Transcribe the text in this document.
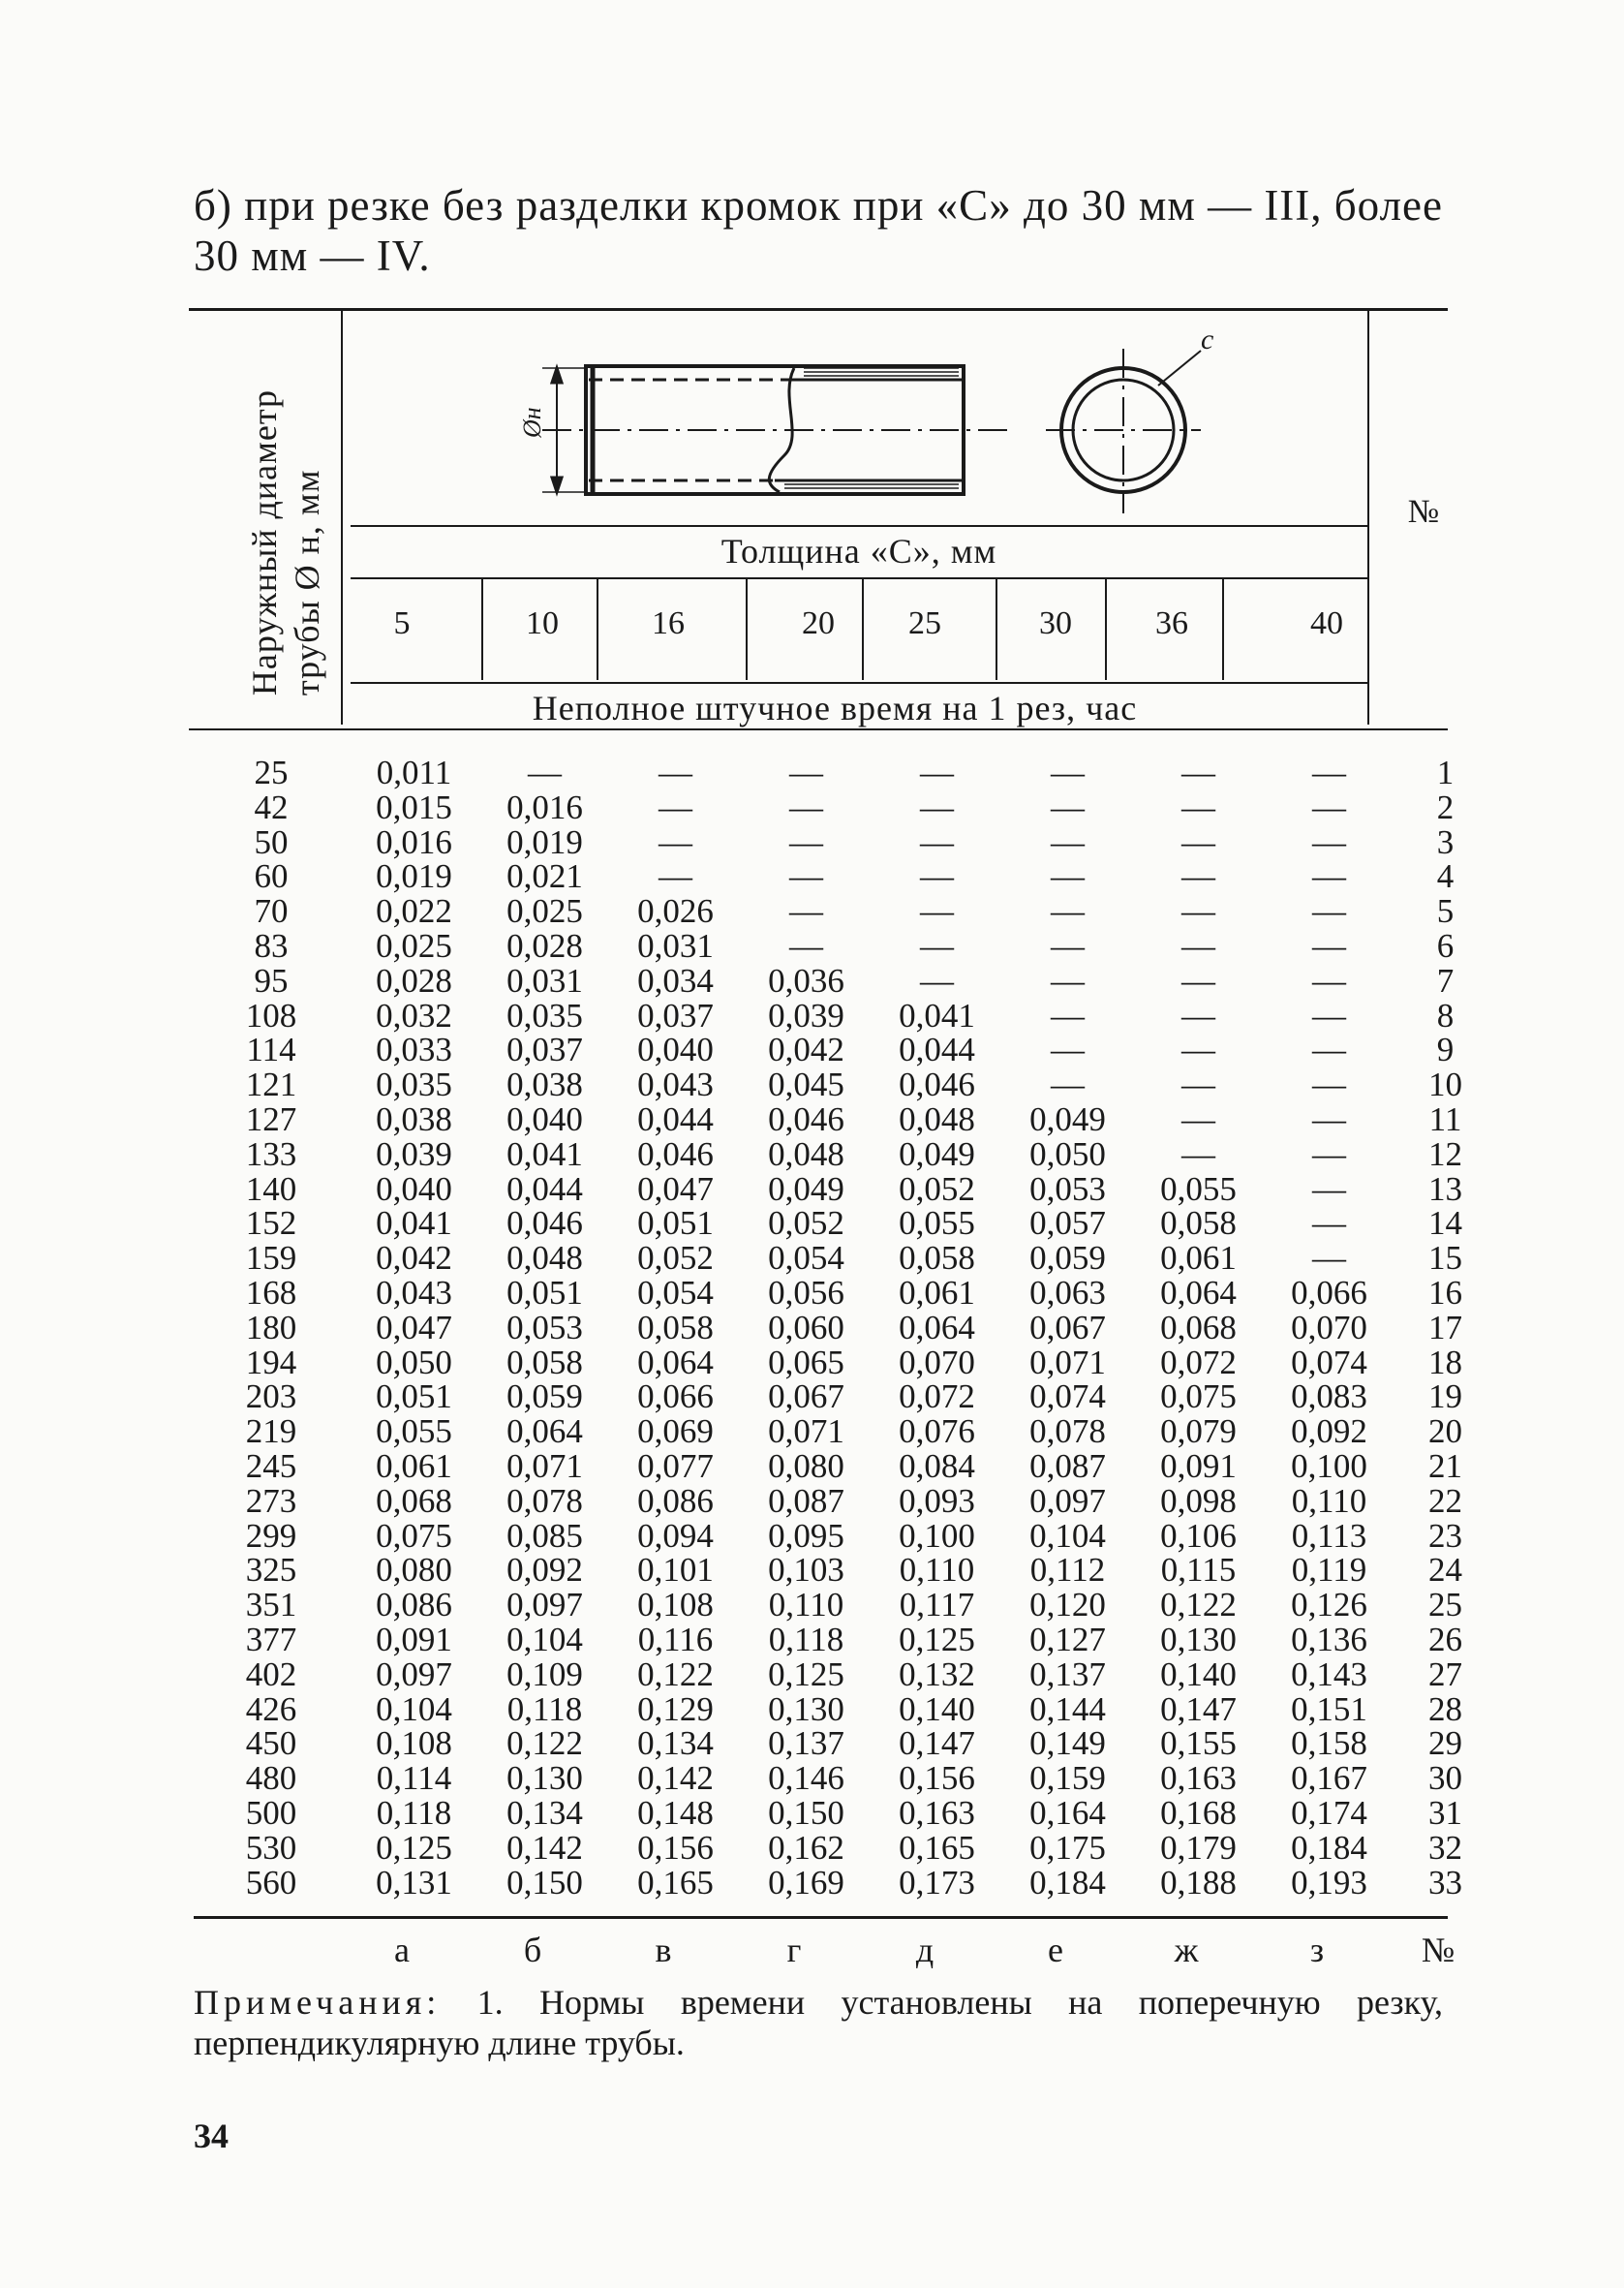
б) при резке без разделки кромок при «С» до 30 мм — III, более 30 мм — IV.
Наружный диаметр трубы Ø н, мм
Øн
с
№
Толщина «С», мм
5	10	16	20	25	30	36	40
Неполное штучное время на 1 рез, час
25	0,011	—	—	—	—	—	—	—	1
42	0,015	0,016	—	—	—	—	—	—	2
50	0,016	0,019	—	—	—	—	—	—	3
60	0,019	0,021	—	—	—	—	—	—	4
70	0,022	0,025	0,026	—	—	—	—	—	5
83	0,025	0,028	0,031	—	—	—	—	—	6
95	0,028	0,031	0,034	0,036	—	—	—	—	7
108	0,032	0,035	0,037	0,039	0,041	—	—	—	8
114	0,033	0,037	0,040	0,042	0,044	—	—	—	9
121	0,035	0,038	0,043	0,045	0,046	—	—	—	10
127	0,038	0,040	0,044	0,046	0,048	0,049	—	—	11
133	0,039	0,041	0,046	0,048	0,049	0,050	—	—	12
140	0,040	0,044	0,047	0,049	0,052	0,053	0,055	—	13
152	0,041	0,046	0,051	0,052	0,055	0,057	0,058	—	14
159	0,042	0,048	0,052	0,054	0,058	0,059	0,061	—	15
168	0,043	0,051	0,054	0,056	0,061	0,063	0,064	0,066	16
180	0,047	0,053	0,058	0,060	0,064	0,067	0,068	0,070	17
194	0,050	0,058	0,064	0,065	0,070	0,071	0,072	0,074	18
203	0,051	0,059	0,066	0,067	0,072	0,074	0,075	0,083	19
219	0,055	0,064	0,069	0,071	0,076	0,078	0,079	0,092	20
245	0,061	0,071	0,077	0,080	0,084	0,087	0,091	0,100	21
273	0,068	0,078	0,086	0,087	0,093	0,097	0,098	0,110	22
299	0,075	0,085	0,094	0,095	0,100	0,104	0,106	0,113	23
325	0,080	0,092	0,101	0,103	0,110	0,112	0,115	0,119	24
351	0,086	0,097	0,108	0,110	0,117	0,120	0,122	0,126	25
377	0,091	0,104	0,116	0,118	0,125	0,127	0,130	0,136	26
402	0,097	0,109	0,122	0,125	0,132	0,137	0,140	0,143	27
426	0,104	0,118	0,129	0,130	0,140	0,144	0,147	0,151	28
450	0,108	0,122	0,134	0,137	0,147	0,149	0,155	0,158	29
480	0,114	0,130	0,142	0,146	0,156	0,159	0,163	0,167	30
500	0,118	0,134	0,148	0,150	0,163	0,164	0,168	0,174	31
530	0,125	0,142	0,156	0,162	0,165	0,175	0,179	0,184	32
560	0,131	0,150	0,165	0,169	0,173	0,184	0,188	0,193	33
а	б	в	г	д	е	ж	з	№
Примечания: 1. Нормы времени установлены на поперечную резку, перпендикулярную длине трубы.
34
